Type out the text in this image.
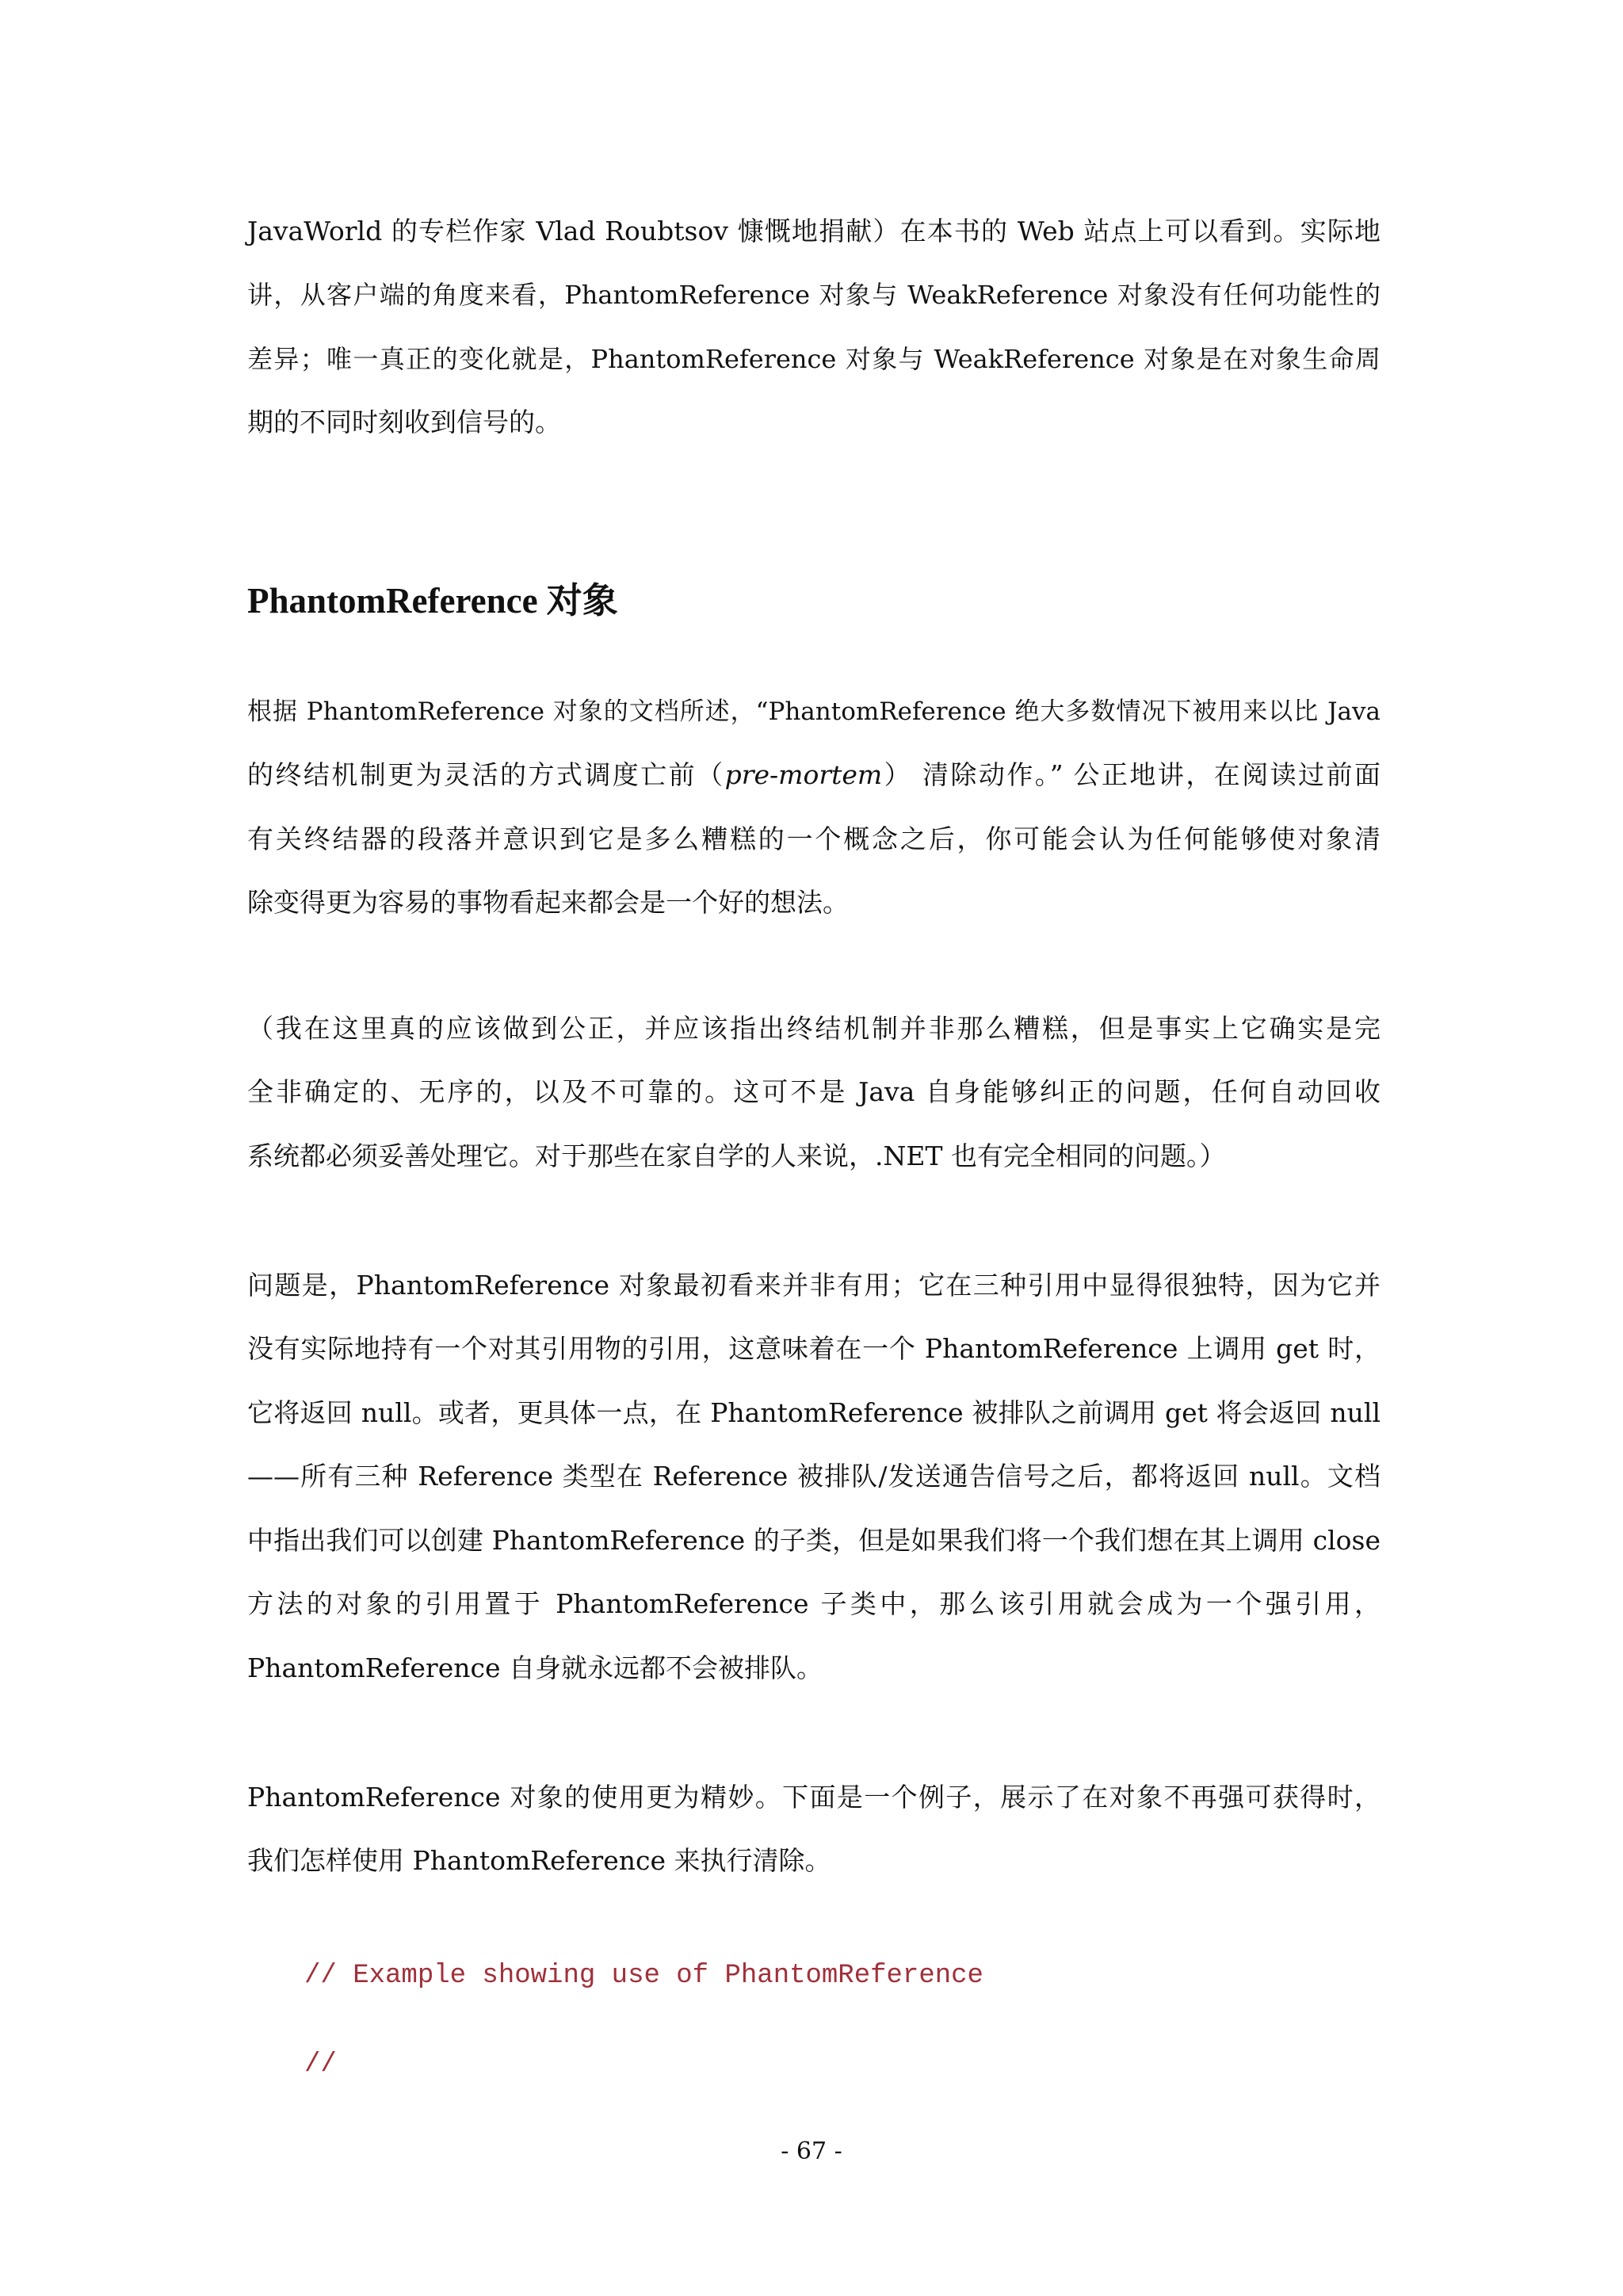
JavaWorld 的专栏作家 Vlad Roubtsov 慷慨地捐献）在本书的 Web 站点上可以看到。实际地
讲，从客户端的角度来看，PhantomReference 对象与 WeakReference 对象没有任何功能性的
差异；唯一真正的变化就是，PhantomReference 对象与 WeakReference 对象是在对象生命周
期的不同时刻收到信号的。
PhantomReference 对象
根据 PhantomReference 对象的文档所述，“PhantomReference 绝大多数情况下被用来以比 Java
的终结机制更为灵活的方式调度亡前（pre-mortem） 清除动作。” 公正地讲，在阅读过前面
有关终结器的段落并意识到它是多么糟糕的一个概念之后，你可能会认为任何能够使对象清
除变得更为容易的事物看起来都会是一个好的想法。
（我在这里真的应该做到公正，并应该指出终结机制并非那么糟糕，但是事实上它确实是完
全非确定的、无序的，以及不可靠的。这可不是 Java 自身能够纠正的问题，任何自动回收
系统都必须妥善处理它。对于那些在家自学的人来说，.NET 也有完全相同的问题。）
问题是，PhantomReference 对象最初看来并非有用；它在三种引用中显得很独特，因为它并
没有实际地持有一个对其引用物的引用，这意味着在一个 PhantomReference 上调用 get 时，
它将返回 null。或者，更具体一点，在 PhantomReference 被排队之前调用 get 将会返回 null
——所有三种 Reference 类型在 Reference 被排队/发送通告信号之后，都将返回 null。文档
中指出我们可以创建 PhantomReference 的子类，但是如果我们将一个我们想在其上调用 close
方法的对象的引用置于 PhantomReference 子类中，那么该引用就会成为一个强引用，
PhantomReference 自身就永远都不会被排队。
PhantomReference 对象的使用更为精妙。下面是一个例子，展示了在对象不再强可获得时，
我们怎样使用 PhantomReference 来执行清除。
// Example showing use of PhantomReference
//
- 67 -
